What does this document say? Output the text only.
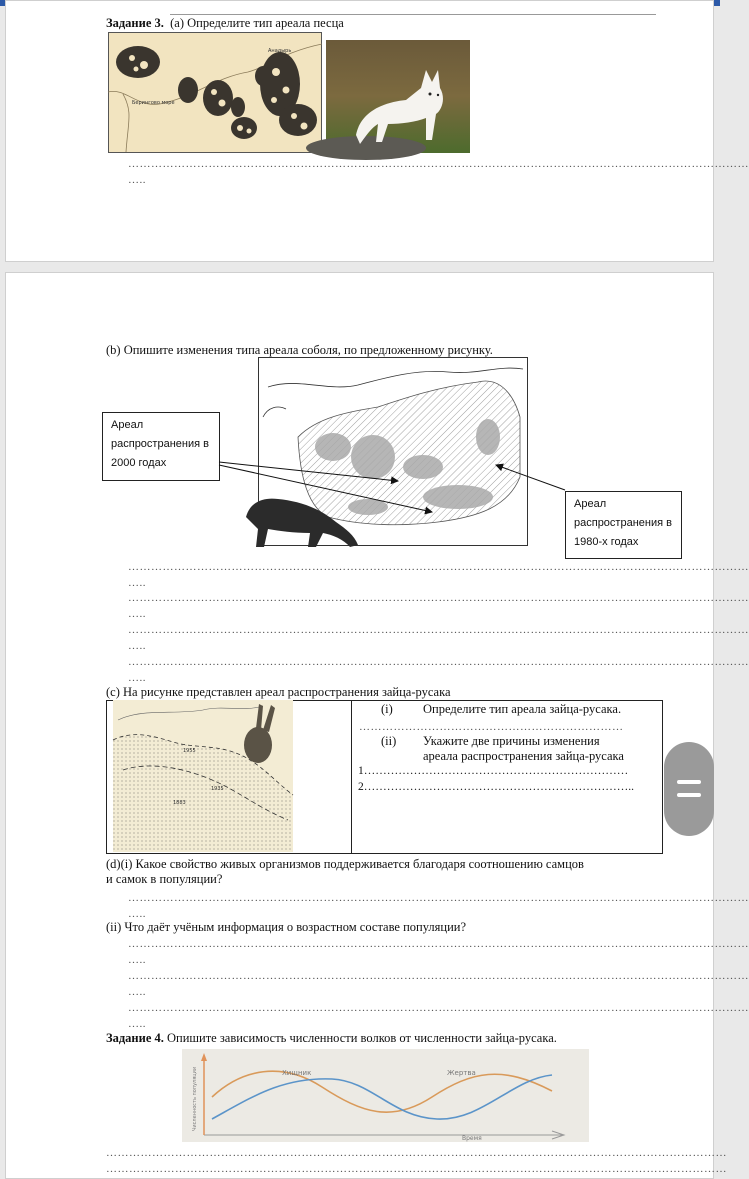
Задание 3. (а) Определите тип ареала песца
Анадырь
Берингово море
………………………………………………………………………………………………………………………………………………
…..
(b) Опишите изменения типа ареала соболя, по предложенному рисунку.
Ареал распространения в 2000 годах
Ареал распространения в 1980-х годах
………………………………………………………………………………………………………………………………………………
…..
………………………………………………………………………………………………………………………………………………
…..
………………………………………………………………………………………………………………………………………………
…..
………………………………………………………………………………………………………………………………………………
…..
(с) На рисунке представлен ареал распространения зайца-русака
1955
1935
1883
(i) Определите тип ареала зайца-русака.
……………………………………………………………
(ii) Укажите две причины изменения
ареала распространения зайца-русака
1……………………………………………………………
2……………………………………………………………..
(d)(i) Какое свойство живых организмов поддерживается благодаря соотношению самцов
и самок в популяции?
………………………………………………………………………………………………………………………………………………
…..
(ii) Что даёт учёным информация о возрастном составе популяции?
………………………………………………………………………………………………………………………………………………
…..
………………………………………………………………………………………………………………………………………………
…..
………………………………………………………………………………………………………………………………………………
…..
Задание 4. Опишите зависимость численности волков от численности зайца-русака.
Хищник	Жертва
Время
Численность популяции
………………………………………………………………………………………………………………………………………………
………………………………………………………………………………………………………………………………………………
